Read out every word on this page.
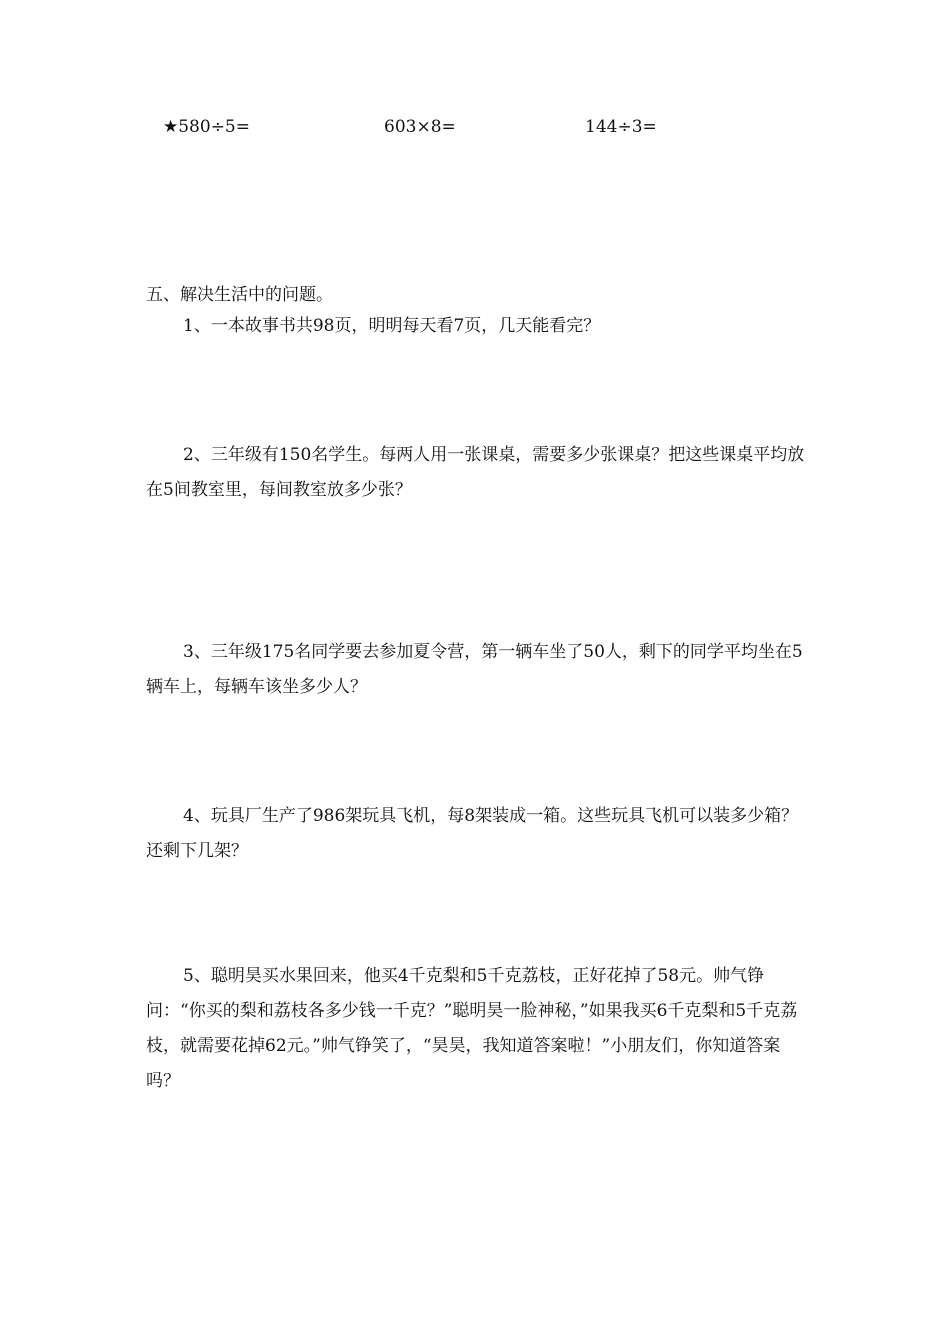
★580÷5=	603×8=	144÷3=
五、解决生活中的问题。

1、一本故事书共98页，明明每天看7页，几天能看完？

2、三年级有150名学生。每两人用一张课桌，需要多少张课桌？把这些课桌平均放在5间教室里，每间教室放多少张？

3、三年级175名同学要去参加夏令营，第一辆车坐了50人，剩下的同学平均坐在5辆车上，每辆车该坐多少人？

4、玩具厂生产了986架玩具飞机，每8架装成一箱。这些玩具飞机可以装多少箱？还剩下几架？

5、聪明昊买水果回来，他买4千克梨和5千克荔枝，正好花掉了58元。帅气铮问：“你买的梨和荔枝各多少钱一千克？”聪明昊一脸神秘，”如果我买6千克梨和5千克荔枝，就需要花掉62元。”帅气铮笑了，“昊昊，我知道答案啦！”小朋友们，你知道答案吗？
